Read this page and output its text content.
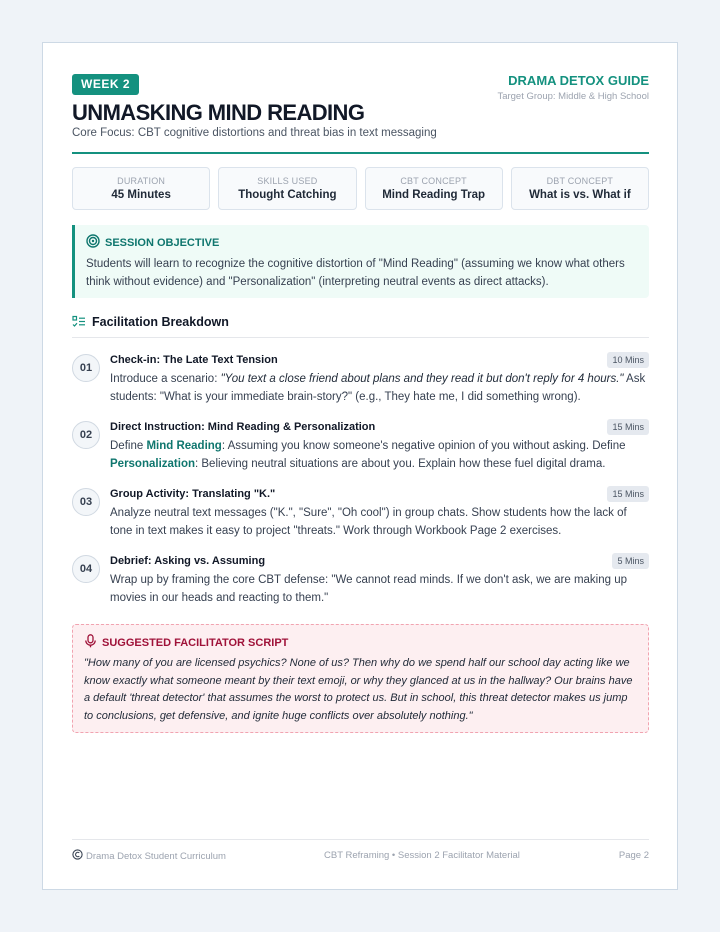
WEEK 2
UNMASKING MIND READING
Core Focus: CBT cognitive distortions and threat bias in text messaging
DRAMA DETOX GUIDE
Target Group: Middle & High School
DURATION
45 Minutes
SKILLS USED
Thought Catching
CBT CONCEPT
Mind Reading Trap
DBT CONCEPT
What is vs. What if
SESSION OBJECTIVE
Students will learn to recognize the cognitive distortion of "Mind Reading" (assuming we know what others think without evidence) and "Personalization" (interpreting neutral events as direct attacks).
Facilitation Breakdown
01
Check-in: The Late Text Tension	10 Mins
Introduce a scenario: "You text a close friend about plans and they read it but don't reply for 4 hours." Ask students: "What is your immediate brain-story?" (e.g., They hate me, I did something wrong).
02
Direct Instruction: Mind Reading & Personalization	15 Mins
Define Mind Reading: Assuming you know someone's negative opinion of you without asking. Define Personalization: Believing neutral situations are about you. Explain how these fuel digital drama.
03
Group Activity: Translating "K."	15 Mins
Analyze neutral text messages ("K.", "Sure", "Oh cool") in group chats. Show students how the lack of tone in text makes it easy to project "threats." Work through Workbook Page 2 exercises.
04
Debrief: Asking vs. Assuming	5 Mins
Wrap up by framing the core CBT defense: "We cannot read minds. If we don't ask, we are making up movies in our heads and reacting to them."
SUGGESTED FACILITATOR SCRIPT
"How many of you are licensed psychics? None of us? Then why do we spend half our school day acting like we know exactly what someone meant by their text emoji, or why they glanced at us in the hallway? Our brains have a default 'threat detector' that assumes the worst to protect us. But in school, this threat detector makes us jump to conclusions, get defensive, and ignite huge conflicts over absolutely nothing."
Drama Detox Student Curriculum	CBT Reframing • Session 2 Facilitator Material	Page 2
